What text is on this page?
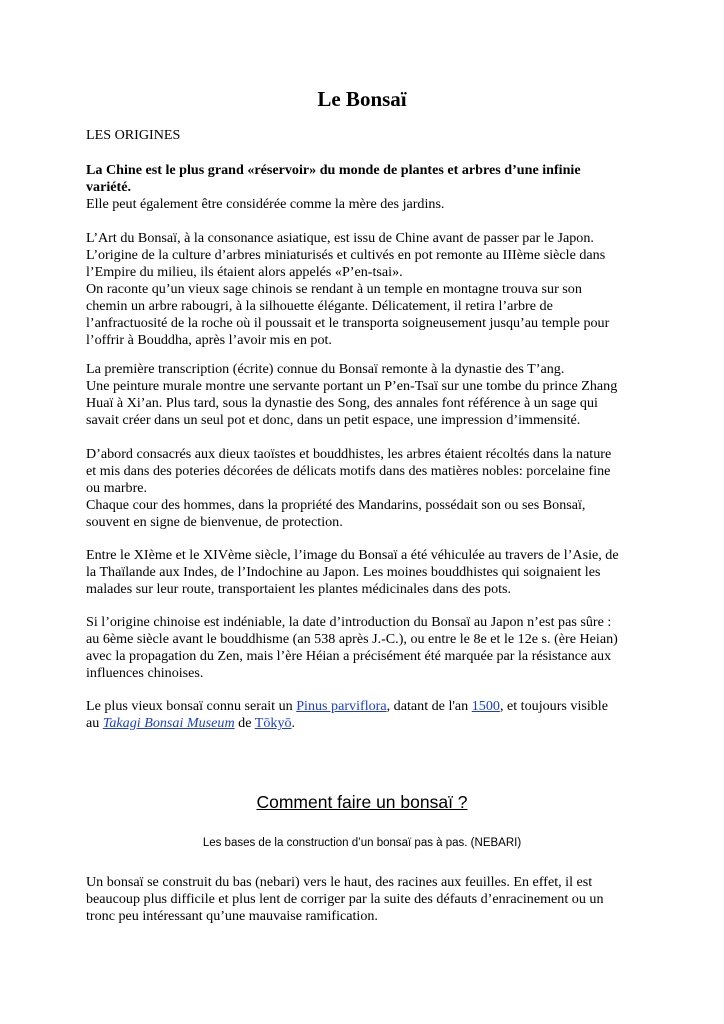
Le Bonsaï

LES ORIGINES

La Chine est le plus grand «réservoir» du monde de plantes et arbres d’une infinie

variété.

Elle peut également être considérée comme la mère des jardins.

L’Art du Bonsaï, à la consonance asiatique, est issu de Chine avant de passer par le Japon.

L’origine de la culture d’arbres miniaturisés et cultivés en pot remonte au IIIème siècle dans

l’Empire du milieu, ils étaient alors appelés «P’en-tsai».

On raconte qu’un vieux sage chinois se rendant à un temple en montagne trouva sur son

chemin un arbre rabougri, à la silhouette élégante. Délicatement, il retira l’arbre de

l’anfractuosité de la roche où il poussait et le transporta soigneusement jusqu’au temple pour

l’offrir à Bouddha, après l’avoir mis en pot.

La première transcription (écrite) connue du Bonsaï remonte à la dynastie des T’ang.

Une peinture murale montre une servante portant un P’en-Tsaï sur une tombe du prince Zhang

Huaï à Xi’an. Plus tard, sous la dynastie des Song, des annales font référence à un sage qui

savait créer dans un seul pot et donc, dans un petit espace, une impression d’immensité.

D’abord consacrés aux dieux taoïstes et bouddhistes, les arbres étaient récoltés dans la nature

et mis dans des poteries décorées de délicats motifs dans des matières nobles: porcelaine fine

ou marbre.

Chaque cour des hommes, dans la propriété des Mandarins, possédait son ou ses Bonsaï,

souvent en signe de bienvenue, de protection.

Entre le XIème et le XIVème siècle, l’image du Bonsaï a été véhiculée au travers de l’Asie, de

la Thaïlande aux Indes, de l’Indochine au Japon. Les moines bouddhistes qui soignaient les

malades sur leur route, transportaient les plantes médicinales dans des pots.

Si l’origine chinoise est indéniable, la date d’introduction du Bonsaï au Japon n’est pas sûre :

au 6ème siècle avant le bouddhisme (an 538 après J.-C.), ou entre le 8e et le 12e s. (ère Heian)

avec la propagation du Zen, mais l’ère Héian a précisément été marquée par la résistance aux

influences chinoises.

Le plus vieux bonsaï connu serait un Pinus parviflora, datant de l'an 1500, et toujours visible

au Takagi Bonsai Museum de Tōkyō.

Comment faire un bonsaï ?
Les bases de la construction d’un bonsaï pas à pas. (NEBARI)

Un bonsaï se construit du bas (nebari) vers le haut, des racines aux feuilles. En effet, il est

beaucoup plus difficile et plus lent de corriger par la suite des défauts d’enracinement ou un

tronc peu intéressant qu’une mauvaise ramification.
